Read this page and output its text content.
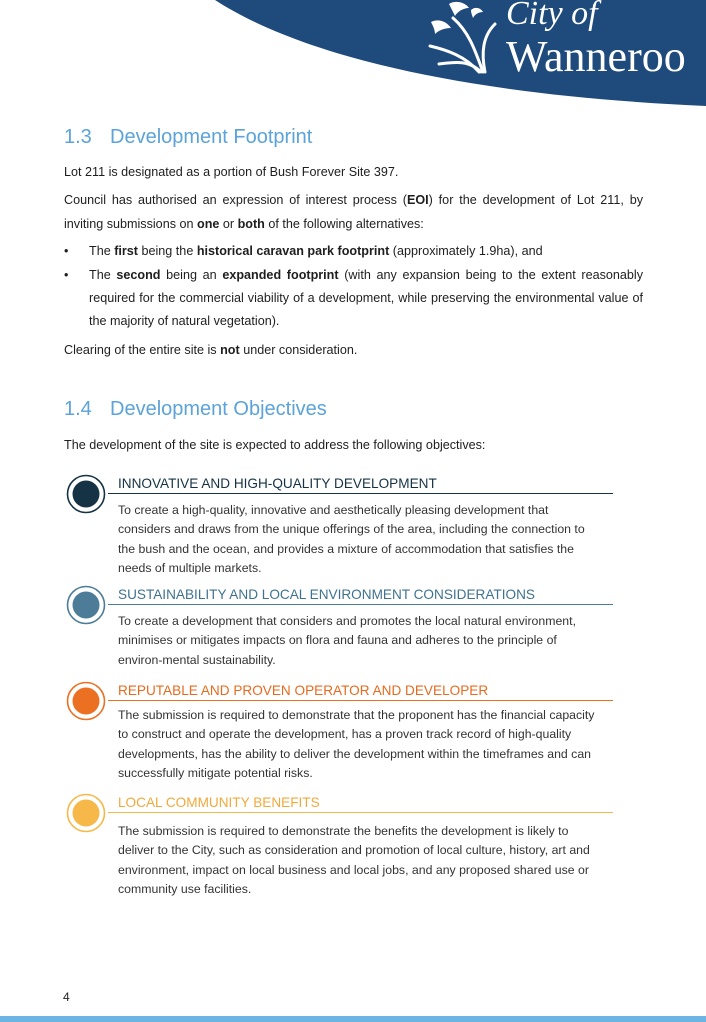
City of
Wanneroo
1.3 Development Footprint
Lot 211 is designated as a portion of Bush Forever Site 397.
Council has authorised an expression of interest process (EOI) for the development of Lot 211, by inviting submissions on one or both of the following alternatives:
• The first being the historical caravan park footprint (approximately 1.9ha), and
• The second being an expanded footprint (with any expansion being to the extent reasonably required for the commercial viability of a development, while preserving the environmental value of the majority of natural vegetation).
Clearing of the entire site is not under consideration.
1.4 Development Objectives
The development of the site is expected to address the following objectives:
INNOVATIVE AND HIGH-QUALITY DEVELOPMENT
To create a high-quality, innovative and aesthetically pleasing development that considers and draws from the unique offerings of the area, including the connection to the bush and the ocean, and provides a mixture of accommodation that satisfies the needs of multiple markets.
SUSTAINABILITY AND LOCAL ENVIRONMENT CONSIDERATIONS
To create a development that considers and promotes the local natural environment, minimises or mitigates impacts on flora and fauna and adheres to the principle of environ-mental sustainability.
REPUTABLE AND PROVEN OPERATOR AND DEVELOPER
The submission is required to demonstrate that the proponent has the financial capacity to construct and operate the development, has a proven track record of high-quality developments, has the ability to deliver the development within the timeframes and can successfully mitigate potential risks.
LOCAL COMMUNITY BENEFITS
The submission is required to demonstrate the benefits the development is likely to deliver to the City, such as consideration and promotion of local culture, history, art and environment, impact on local business and local jobs, and any proposed shared use or community use facilities.
4
